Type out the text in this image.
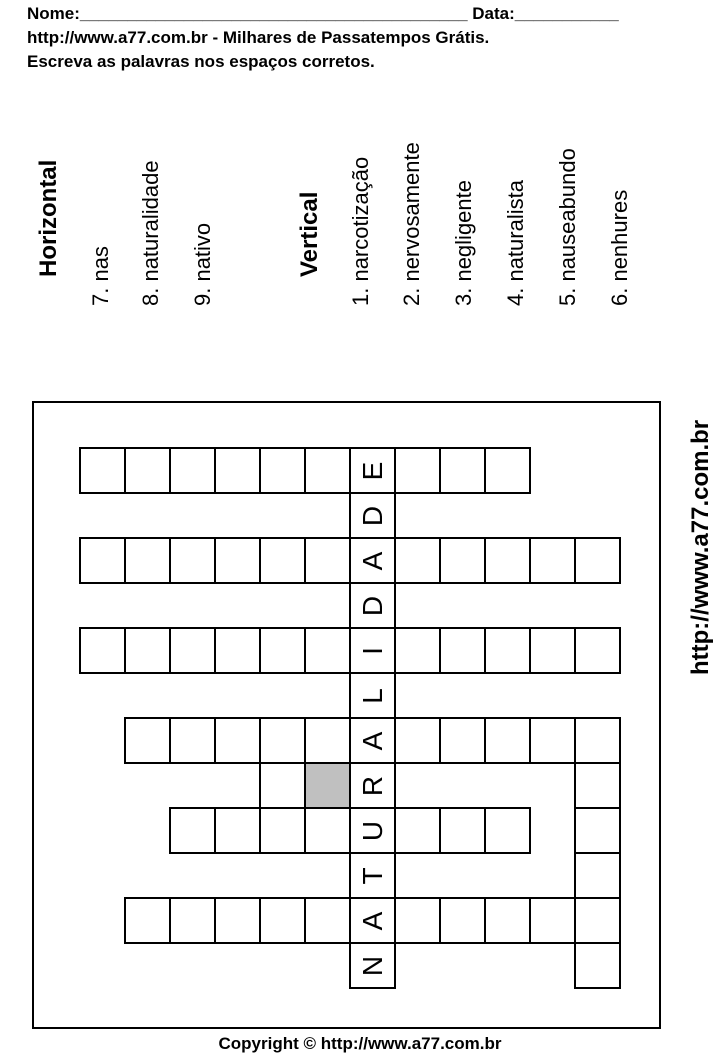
Nome:_________________________________________ Data:___________
http://www.a77.com.br - Milhares de Passatempos Grátis.
Escreva as palavras nos espaços corretos.
Horizontal 7. nas 8. naturalidade 9. nativo	Vertical 1. narcotização 2. nervosamente 3. negligente 4. naturalista 5. nauseabundo 6. nenhures
http://www.a77.com.br
E
D
A
D
I
L
A
R
U
T
A
N
Copyright © http://www.a77.com.br
